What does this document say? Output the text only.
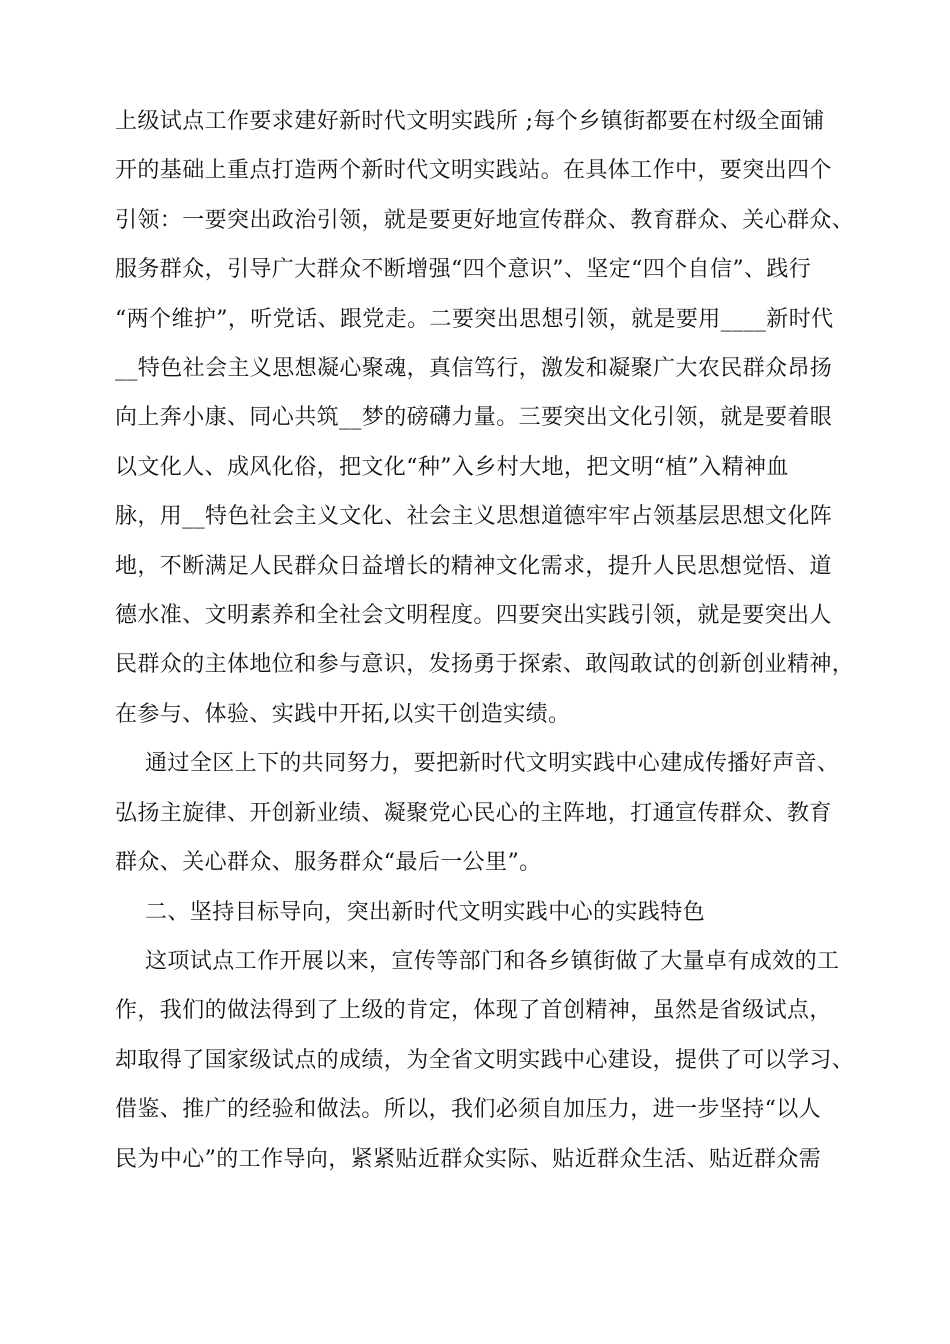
上级试点工作要求建好新时代文明实践所 ;每个乡镇街都要在村级全面铺
开的基础上重点打造两个新时代文明实践站。在具体工作中，要突出四个
引领：一要突出政治引领，就是要更好地宣传群众、教育群众、关心群众、
服务群众，引导广大群众不断增强“四个意识”、坚定“四个自信”、践行
“两个维护”，听党话、跟党走。二要突出思想引领，就是要用____新时代
__特色社会主义思想凝心聚魂，真信笃行，激发和凝聚广大农民群众昂扬
向上奔小康、同心共筑__梦的磅礴力量。三要突出文化引领，就是要着眼
以文化人、成风化俗，把文化“种”入乡村大地，把文明“植”入精神血
脉，用__特色社会主义文化、社会主义思想道德牢牢占领基层思想文化阵
地，不断满足人民群众日益增长的精神文化需求，提升人民思想觉悟、道
德水准、文明素养和全社会文明程度。四要突出实践引领，就是要突出人
民群众的主体地位和参与意识，发扬勇于探索、敢闯敢试的创新创业精神，
在参与、体验、实践中开拓,以实干创造实绩。

通过全区上下的共同努力，要把新时代文明实践中心建成传播好声音、
弘扬主旋律、开创新业绩、凝聚党心民心的主阵地，打通宣传群众、教育
群众、关心群众、服务群众“最后一公里”。

二、坚持目标导向，突出新时代文明实践中心的实践特色

这项试点工作开展以来，宣传等部门和各乡镇街做了大量卓有成效的工
作，我们的做法得到了上级的肯定，体现了首创精神，虽然是省级试点，
却取得了国家级试点的成绩，为全省文明实践中心建设，提供了可以学习、
借鉴、推广的经验和做法。所以，我们必须自加压力，进一步坚持“以人
民为中心”的工作导向，紧紧贴近群众实际、贴近群众生活、贴近群众需
